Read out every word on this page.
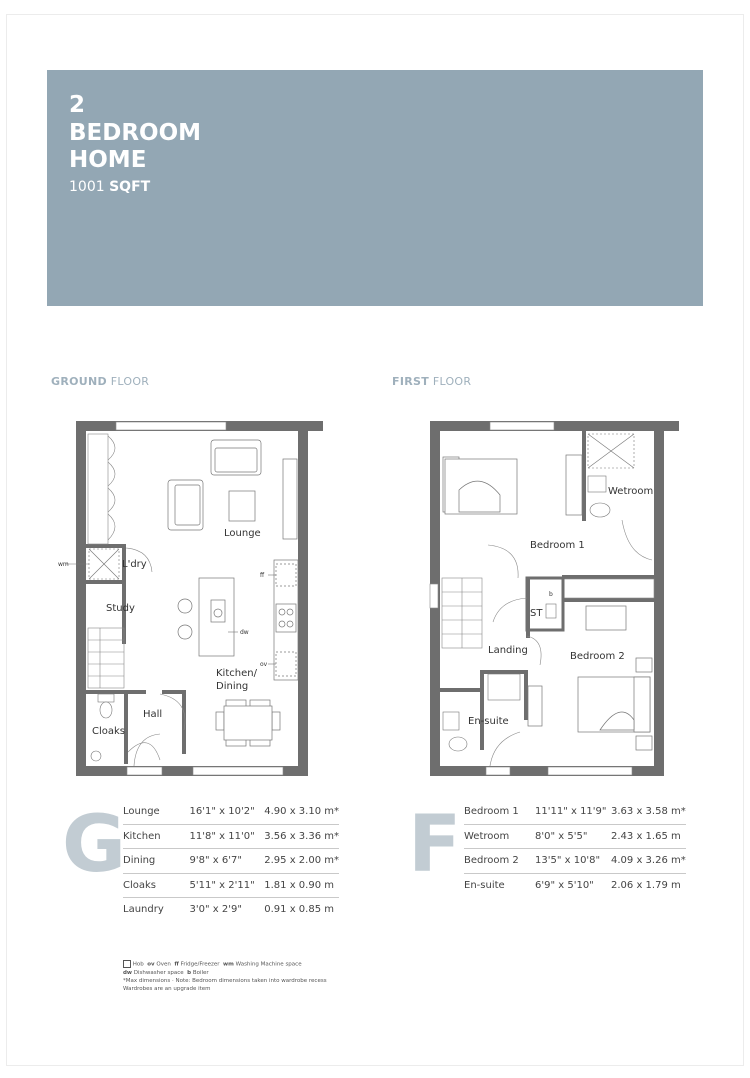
2
BEDROOM
HOME
1001 SQFT
GROUND FLOOR	FIRST FLOOR
Lounge
L'dry
Study
Kitchen/
Dining
Hall
Cloaks
wm
ff
dw
ov
Bedroom 1
Wetroom
ST
b
Landing
Bedroom 2
En-suite
G	F
Lounge	16'1" x 10'2"	4.90 x 3.10 m*
Kitchen	11'8" x 11'0"	3.56 x 3.36 m*
Dining	9'8" x 6'7"	2.95 x 2.00 m*
Cloaks	5'11" x 2'11"	1.81 x 0.90 m
Laundry	3'0" x 2'9"	0.91 x 0.85 m
Bedroom 1	11'11" x 11'9"	3.63 x 3.58 m*
Wetroom	8'0" x 5'5"	2.43 x 1.65 m
Bedroom 2	13'5" x 10'8"	4.09 x 3.26 m*
En-suite	6'9" x 5'10"	2.06 x 1.79 m
Hob ov Oven ff Fridge/Freezer wm Washing Machine space
dw Dishwasher space b Boiler
*Max dimensions · Note: Bedroom dimensions taken into wardrobe recess
Wardrobes are an upgrade item
